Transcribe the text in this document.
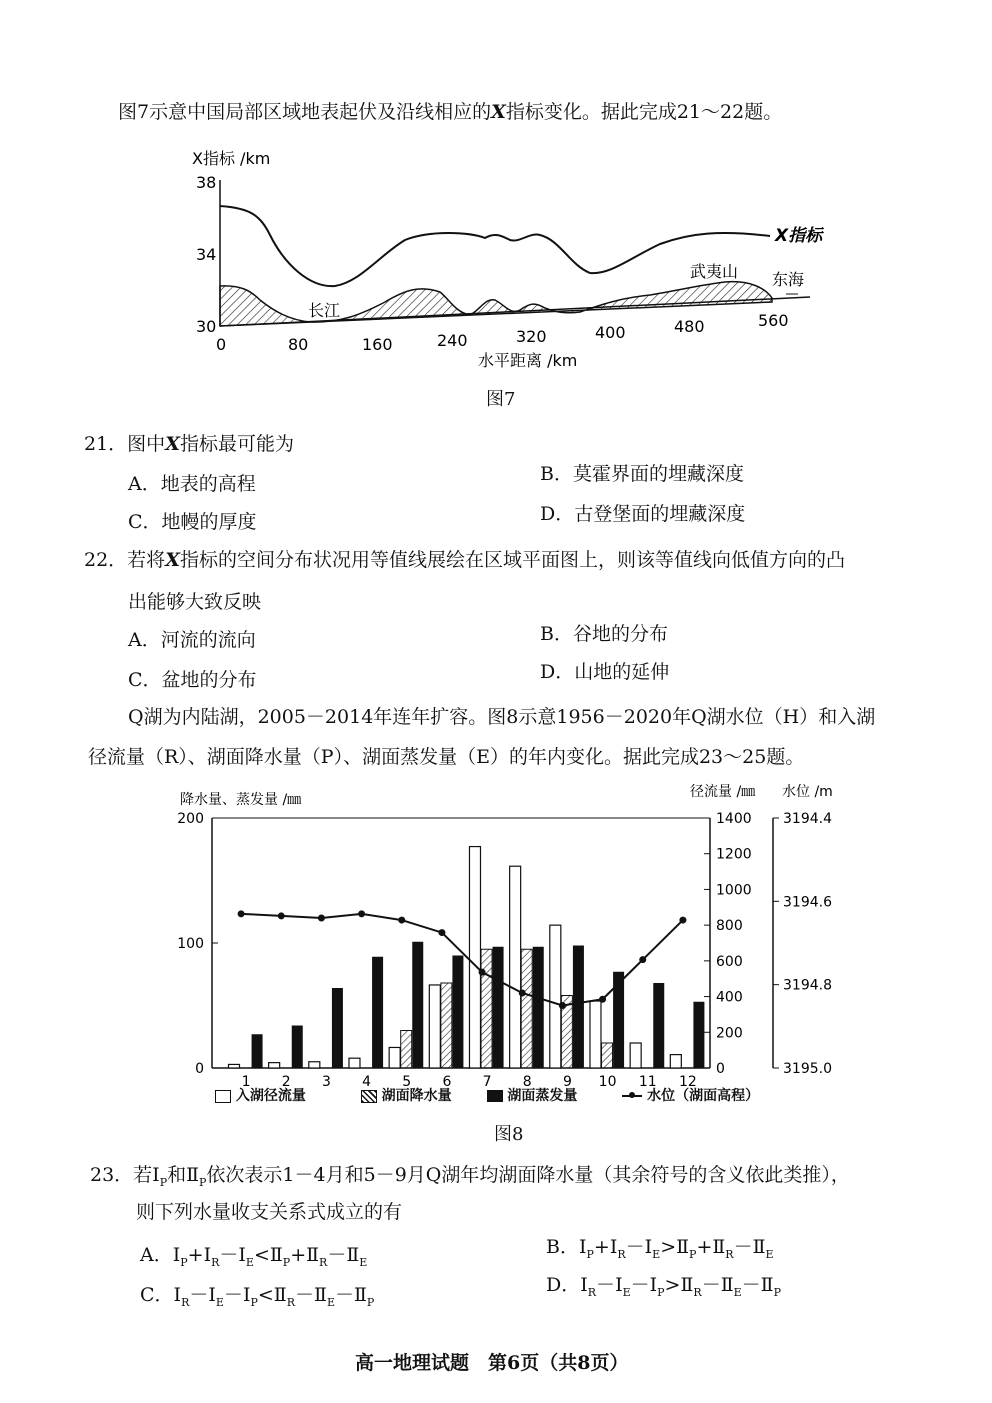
图7示意中国局部区域地表起伏及沿线相应的X指标变化。据此完成21～22题。
X指标 /km
38
34
30
X指标
长江
武夷山 东海
0	80	160	240	320	400	480	560
水平距离 /km
图7
21．图中X指标最可能为
A．地表的高程	B．莫霍界面的埋藏深度
C．地幔的厚度	D．古登堡面的埋藏深度
22．若将X指标的空间分布状况用等值线展绘在区域平面图上，则该等值线向低值方向的凸
出能够大致反映
A．河流的流向	B．谷地的分布
C．盆地的分布	D．山地的延伸
Q湖为内陆湖，2005－2014年连年扩容。图8示意1956－2020年Q湖水位（H）和入湖
径流量（R）、湖面降水量（P）、湖面蒸发量（E）的年内变化。据此完成23～25题。
降水量、蒸发量 /㎜	径流量 /㎜ 水位 /m
200
100
0
1400
1200
1000
800
600
400
200
0
3194.4
3194.6
3194.8
3195.0
1 2 3 4 5 6 7 8 9 10 11 12
入湖径流量	湖面降水量	湖面蒸发量	水位（湖面高程）
图8
23．若$Ⅰ_P$和$Ⅱ_P$依次表示1－4月和5－9月Q湖年均湖面降水量（其余符号的含义依此类推），
则下列水量收支关系式成立的有
A．$Ⅰ_P+Ⅰ_R-Ⅰ_E<Ⅱ_P+Ⅱ_R-Ⅱ_E$
B．$Ⅰ_P+Ⅰ_R-Ⅰ_E>Ⅱ_P+Ⅱ_R-Ⅱ_E$
C．$Ⅰ_R-Ⅰ_E-Ⅰ_P<Ⅱ_R-Ⅱ_E-Ⅱ_P$
D．$Ⅰ_R-Ⅰ_E-Ⅰ_P>Ⅱ_R-Ⅱ_E-Ⅱ_P$
高一地理试题　第6页（共8页）
